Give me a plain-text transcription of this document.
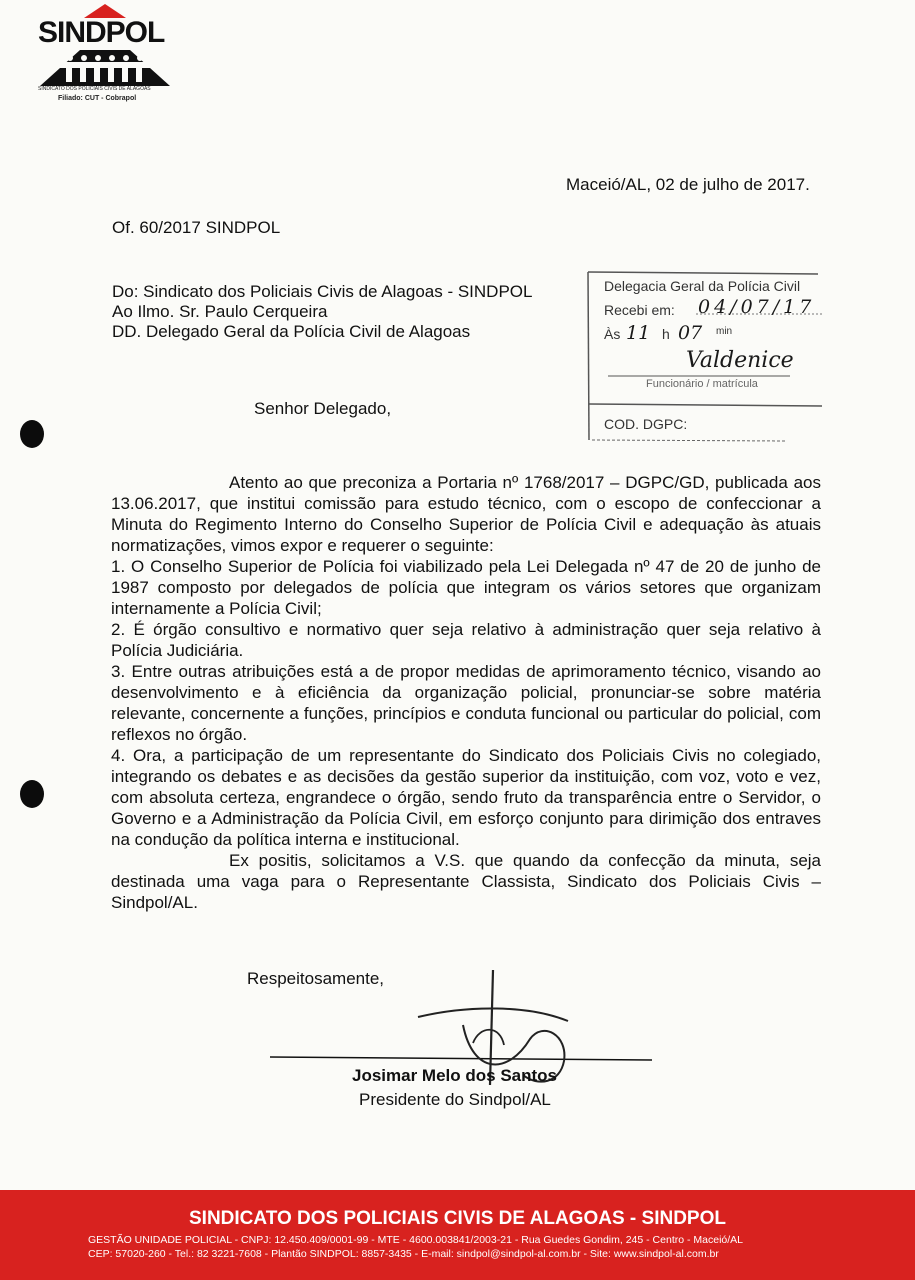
SINDPOL
SINDICATO DOS POLICIAIS CIVIS DE ALAGOAS
Filiado: CUT - Cobrapol
Maceió/AL, 02 de julho de 2017.
Of. 60/2017 SINDPOL
Do: Sindicato dos Policiais Civis de Alagoas - SINDPOL
Ao Ilmo. Sr. Paulo Cerqueira
DD. Delegado Geral da Polícia Civil de Alagoas
Senhor Delegado,
Delegacia Geral da Polícia Civil
Recebi em: 04/07/17
Às 11 h 07 min
Valdenice
Funcionário / matrícula
COD. DGPC:

Atento ao que preconiza a Portaria nº 1768/2017 – DGPC/GD, publicada aos 13.06.2017, que institui comissão para estudo técnico, com o escopo de confeccionar a Minuta do Regimento Interno do Conselho Superior de Polícia Civil e adequação às atuais normatizações, vimos expor e requerer o seguinte:

1. O Conselho Superior de Polícia foi viabilizado pela Lei Delegada nº 47 de 20 de junho de 1987 composto por delegados de polícia que integram os vários setores que organizam internamente a Polícia Civil;

2. É órgão consultivo e normativo quer seja relativo à administração quer seja relativo à Polícia Judiciária.

3. Entre outras atribuições está a de propor medidas de aprimoramento técnico, visando ao desenvolvimento e à eficiência da organização policial, pronunciar-se sobre matéria relevante, concernente a funções, princípios e conduta funcional ou particular do policial, com reflexos no órgão.

4. Ora, a participação de um representante do Sindicato dos Policiais Civis no colegiado, integrando os debates e as decisões da gestão superior da instituição, com voz, voto e vez, com absoluta certeza, engrandece o órgão, sendo fruto da transparência entre o Servidor, o Governo e a Administração da Polícia Civil, em esforço conjunto para dirimição dos entraves na condução da política interna e institucional.

Ex positis, solicitamos a V.S. que quando da confecção da minuta, seja destinada uma vaga para o Representante Classista, Sindicato dos Policiais Civis – Sindpol/AL.

Respeitosamente,
Josimar Melo dos Santos
Presidente do Sindpol/AL
SINDICATO DOS POLICIAIS CIVIS DE ALAGOAS - SINDPOL
GESTÃO UNIDADE POLICIAL - CNPJ: 12.450.409/0001-99 - MTE - 4600.003841/2003-21 - Rua Guedes Gondim, 245 - Centro - Maceió/AL
CEP: 57020-260 - Tel.: 82 3221-7608 - Plantão SINDPOL: 8857-3435 - E-mail: sindpol@sindpol-al.com.br - Site: www.sindpol-al.com.br
